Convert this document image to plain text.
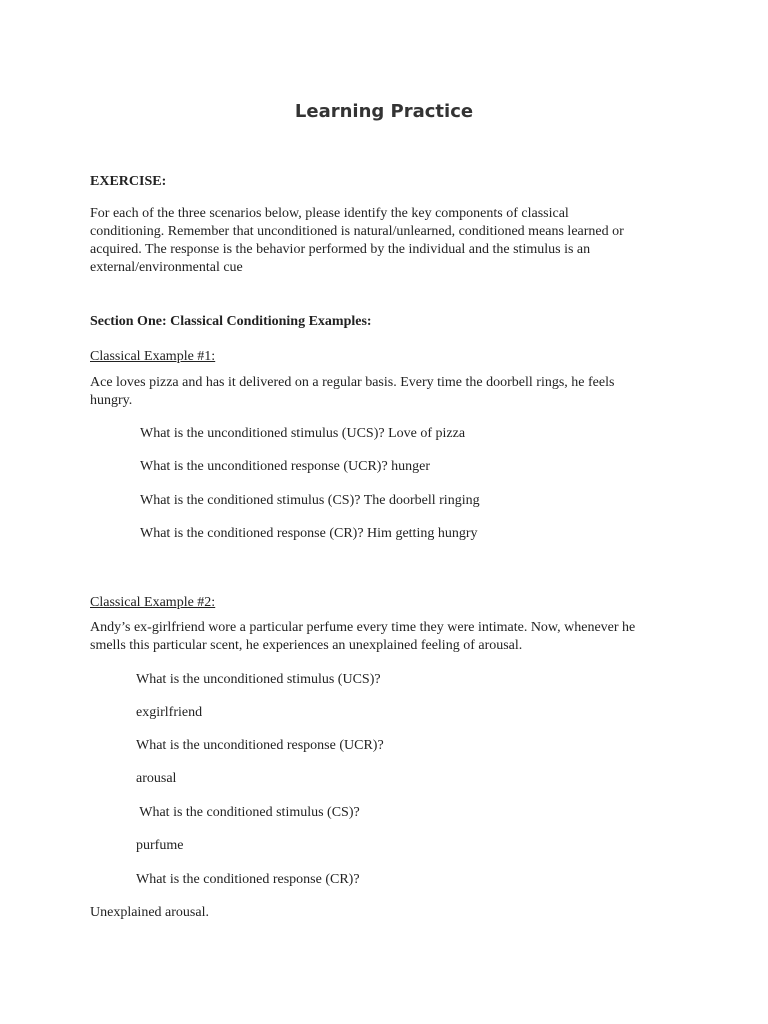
Learning Practice

EXERCISE:

For each of the three scenarios below, please identify the key components of classical

conditioning. Remember that unconditioned is natural/unlearned, conditioned means learned or

acquired. The response is the behavior performed by the individual and the stimulus is an

external/environmental cue

Section One: Classical Conditioning Examples:

Classical Example #1:

Ace loves pizza and has it delivered on a regular basis. Every time the doorbell rings, he feels

hungry.

What is the unconditioned stimulus (UCS)? Love of pizza

What is the unconditioned response (UCR)? hunger

What is the conditioned stimulus (CS)? The doorbell ringing

What is the conditioned response (CR)? Him getting hungry

Classical Example #2:

Andy’s ex-girlfriend wore a particular perfume every time they were intimate. Now, whenever he

smells this particular scent, he experiences an unexplained feeling of arousal.

What is the unconditioned stimulus (UCS)?

exgirlfriend

What is the unconditioned response (UCR)?

arousal

What is the conditioned stimulus (CS)?

purfume

What is the conditioned response (CR)?

Unexplained arousal.
